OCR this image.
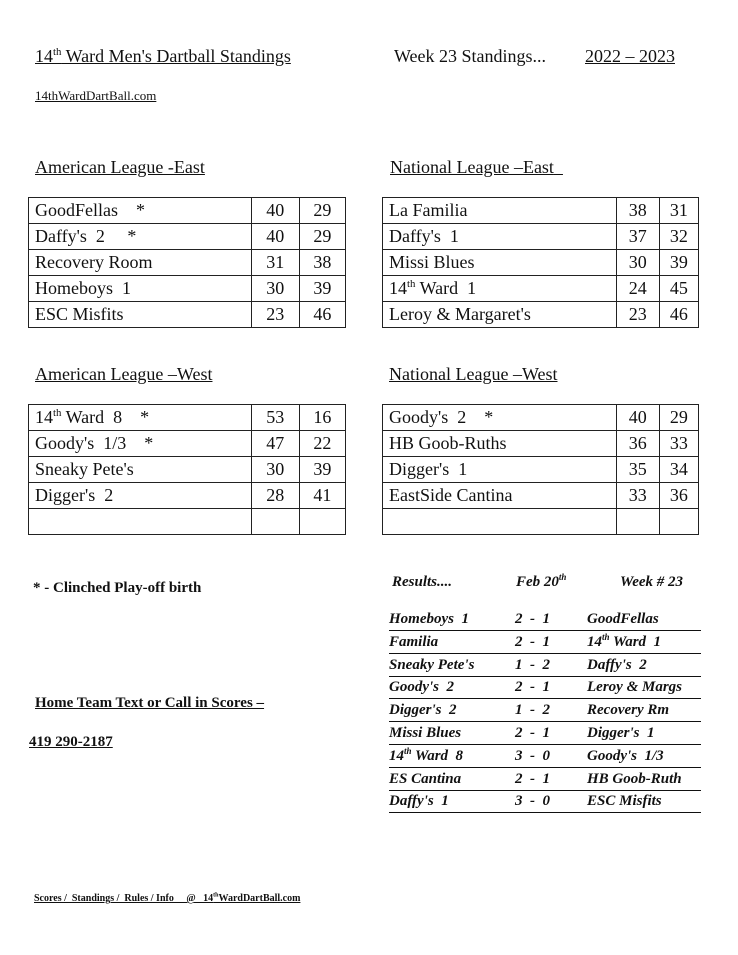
14th Ward Men's Dartball Standings	Week 23 Standings... 2022 – 2023
14thWardDartBall.com
American League -East	National League –East
American League –West	National League –West
GoodFellas    *	40	29
Daffy's  2     *	40	29
Recovery Room	31	38
Homeboys  1	30	39
ESC Misfits	23	46
La Familia	38	31
Daffy's  1	37	32
Missi Blues	30	39
14th Ward  1	24	45
Leroy & Margaret's	23	46
14th Ward  8    *	53	16
Goody's  1/3    *	47	22
Sneaky Pete's	30	39
Digger's  2	28	41

Goody's  2    *	40	29
HB Goob-Ruths	36	33
Digger's  1	35	34
EastSide Cantina	33	36

* - Clinched Play-off birth
Home Team Text or Call in Scores –
419 290-2187
Results....	Feb 20th	Week # 23
Homeboys  1	2  -  1 GoodFellas
Familia	2  -  1 14th Ward  1
Sneaky Pete's	1  -  2 Daffy's  2
Goody's  2	2  -  1 Leroy & Margs
Digger's  2	1  -  2 Recovery Rm
Missi Blues	2  -  1 Digger's  1
14th Ward  8	3  -  0 Goody's  1/3
ES Cantina	2  -  1 HB Goob-Ruth
Daffy's  1	3  -  0 ESC Misfits
Scores /  Standings /  Rules / Info     @   14thWardDartBall.com
